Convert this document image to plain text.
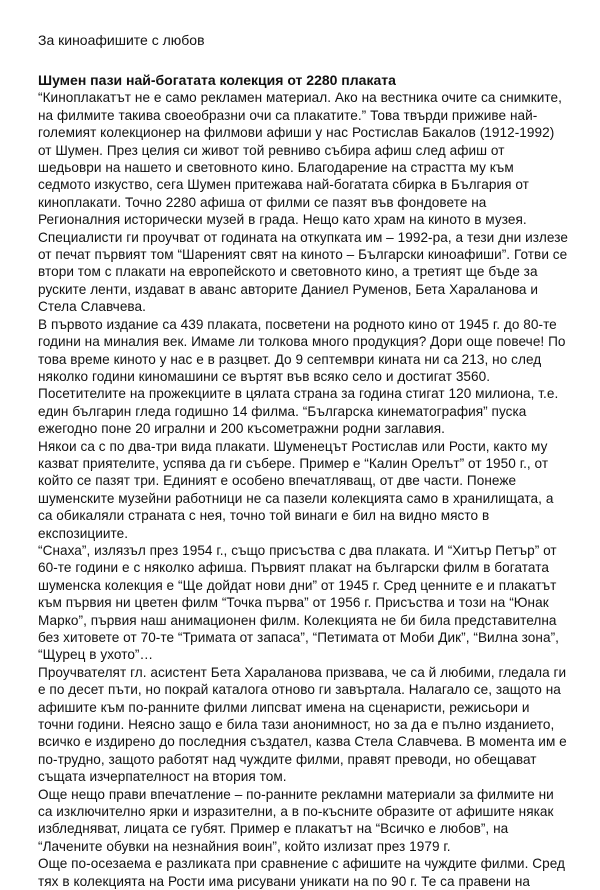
За киноафишите с любов

Шумен пази най-богатата колекция от 2280 плаката

“Киноплакатът не е само рекламен материал. Ако на вестника очите са снимките, на филмите такива своеобразни очи са плакатите.” Това твърди приживе най-големият колекционер на филмови афиши у нас Ростислав Бакалов (1912-1992) от Шумен. През целия си живот той ревниво събира афиш след афиш от шедьоври на нашето и световното кино. Благодарение на страстта му към седмото изкуство, сега Шумен притежава най-богатата сбирка в България от киноплакати. Точно 2280 афиша от филми се пазят във фондовете на Регионалния исторически музей в града. Нещо като храм на киното в музея. Специалисти ги проучват от годината на откупката им – 1992-ра, а тези дни излезе от печат първият том “Шареният свят на киното – Български киноафиши”. Готви се втори том с плакати на европейското и световното кино, а третият ще бъде за руските ленти, издават в аванс авторите Даниел Руменов, Бета Хараланова и Стела Славчева.

В първото издание са 439 плаката, посветени на родното кино от 1945 г. до 80-те години на миналия век. Имаме ли толкова много продукция? Дори още повече! По това време киното у нас е в разцвет. До 9 септември кината ни са 213, но след няколко години киномашини се въртят във всяко село и достигат 3560. Посетителите на прожекциите в цялата страна за година стигат 120 милиона, т.е. един българин гледа годишно 14 филма. “Българска кинематография” пуска ежегодно поне 20 игрални и 200 късометражни родни заглавия.

Някои са с по два-три вида плакати. Шуменецът Ростислав или Рости, както му казват приятелите, успява да ги събере. Пример е “Калин Орелът” от 1950 г., от който се пазят три. Единият е особено впечатляващ, от две части. Понеже шуменските музейни работници не са пазели колекцията само в хранилищата, а са обикаляли страната с нея, точно той винаги е бил на видно място в експозициите.

“Снаха”, излязъл през 1954 г., също присъства с два плаката. И “Хитър Петър” от 60-те години е с няколко афиша. Първият плакат на български филм в богатата шуменска колекция е “Ще дойдат нови дни” от 1945 г. Сред ценните е и плакатът към първия ни цветен филм “Точка първа” от 1956 г. Присъства и този на “Юнак Марко”, първия наш анимационен филм. Колекцията не би била представителна без хитовете от 70-те “Тримата от запаса”, “Петимата от Моби Дик”, “Вилна зона”, “Щурец в ухото”…

Проучвателят гл. асистент Бета Хараланова призвава, че са й любими, гледала ги е по десет пъти, но покрай каталога отново ги завъртала. Налагало се, защото на афишите към по-ранните филми липсват имена на сценаристи, режисьори и точни години. Неясно защо е била тази анонимност, но за да е пълно изданието, всичко е издирено до последния създател, казва Стела Славчева. В момента им е по-трудно, защото работят над чуждите филми, правят преводи, но обещават същата изчерпателност на втория том.

Още нещо прави впечатление – по-ранните рекламни материали за филмите ни са изключително ярки и изразителни, а в по-късните образите от афишите някак избледняват, лицата се губят. Пример е плакатът на “Всичко е любов”, на “Лачените обувки на незнайния воин”, който излизат през 1979 г.

Още по-осезаема е разликата при сравнение с афишите на чуждите филми. Сред тях в колекцията на Рости има рисувани уникати на по 90 г. Те са правени на
